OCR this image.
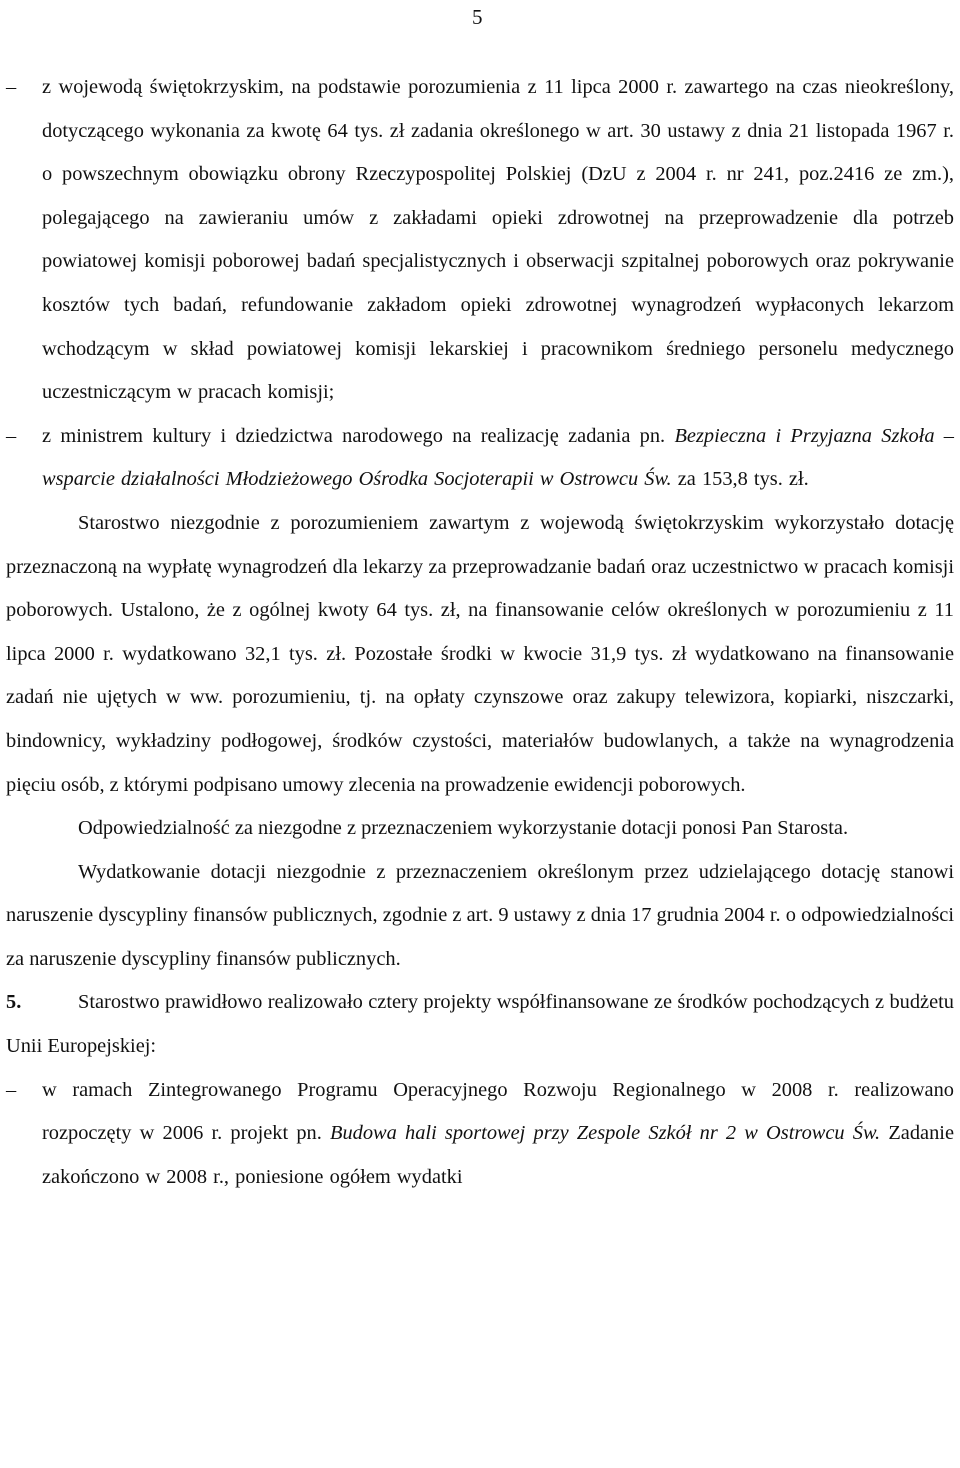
5
–	z wojewodą świętokrzyskim, na podstawie porozumienia z 11 lipca 2000 r. zawartego na czas nieokreślony, dotyczącego wykonania za kwotę 64 tys. zł zadania określonego w art. 30 ustawy z dnia 21 listopada 1967 r. o powszechnym obowiązku obrony Rzeczypospolitej Polskiej (DzU z 2004 r. nr 241, poz.2416 ze zm.), polegającego na zawieraniu umów z zakładami opieki zdrowotnej na przeprowadzenie dla potrzeb powiatowej komisji poborowej badań specjalistycznych i obserwacji szpitalnej poborowych oraz pokrywanie kosztów tych badań, refundowanie zakładom opieki zdrowotnej wynagrodzeń wypłaconych lekarzom wchodzącym w skład powiatowej komisji lekarskiej i pracownikom średniego personelu medycznego uczestniczącym w pracach komisji;
–	z ministrem kultury i dziedzictwa narodowego na realizację zadania pn. Bezpieczna i Przyjazna Szkoła – wsparcie działalności Młodzieżowego Ośrodka Socjoterapii w Ostrowcu Św. za 153,8 tys. zł.

Starostwo niezgodnie z porozumieniem zawartym z wojewodą świętokrzyskim wykorzystało dotację przeznaczoną na wypłatę wynagrodzeń dla lekarzy za przeprowadzanie badań oraz uczestnictwo w pracach komisji poborowych. Ustalono, że z ogólnej kwoty 64 tys. zł, na finansowanie celów określonych w porozumieniu z 11 lipca 2000 r. wydatkowano 32,1 tys. zł. Pozostałe środki w kwocie 31,9 tys. zł wydatkowano na finansowanie zadań nie ujętych w ww. porozumieniu, tj. na opłaty czynszowe oraz zakupy telewizora, kopiarki, niszczarki, bindownicy, wykładziny podłogowej, środków czystości, materiałów budowlanych, a także na wynagrodzenia pięciu osób, z którymi podpisano umowy zlecenia na prowadzenie ewidencji poborowych.

Odpowiedzialność za niezgodne z przeznaczeniem wykorzystanie dotacji ponosi Pan Starosta.

Wydatkowanie dotacji niezgodnie z przeznaczeniem określonym przez udzielającego dotację stanowi naruszenie dyscypliny finansów publicznych, zgodnie z art. 9 ustawy z dnia 17 grudnia 2004 r. o odpowiedzialności za naruszenie dyscypliny finansów publicznych.

5.	Starostwo prawidłowo realizowało cztery projekty współfinansowane ze środków pochodzących z budżetu Unii Europejskiej:

–	w ramach Zintegrowanego Programu Operacyjnego Rozwoju Regionalnego w 2008 r. realizowano rozpoczęty w 2006 r. projekt pn. Budowa hali sportowej przy Zespole Szkół nr 2 w Ostrowcu Św. Zadanie zakończono w 2008 r., poniesione ogółem wydatki
